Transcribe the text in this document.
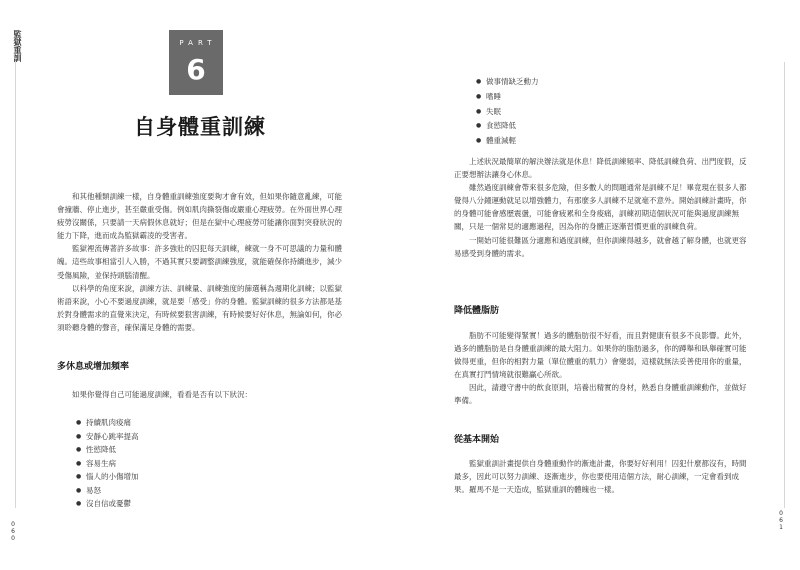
監獄重訓	PART
6
自身體重訓練

和其他種類訓練一樣，自身體重訓練強度要夠才會有效，但如果你隨意亂練，可能會撞牆、停止進步，甚至嚴重受傷。例如肌肉撕裂傷或嚴重心理疲勞。在外面世界心理疲勞沒關係，只要請一天病假休息就好；但是在獄中心理疲勞可能讓你面對突發狀況的能力下降，進而成為監獄霸凌的受害者。

監獄裡流傳著許多故事：許多強壯的囚犯每天訓練，練就一身不可思議的力量和體魄。這些故事相當引人入勝，不過其實只要調整訓練強度，就能確保你持續進步，減少受傷風險，並保持頭腦清醒。

以科學的角度來說，訓練方法、訓練量、訓練強度的篩選稱為週期化訓練；以監獄術語來說，小心不要過度訓練，就是要「感受」你的身體。監獄訓練的很多方法都是基於對身體需求的直覺來決定，有時候要狠害訓練，有時候要好好休息，無論如何，你必須聆聽身體的聲音，確保滿足身體的需要。

多休息或增加頻率

如果你覺得自己可能過度訓練，看看是否有以下狀況：

● 持續肌肉痠痛
● 安靜心跳率提高
● 性慾降低
● 容易生病
● 惱人的小傷增加
● 易怒
● 沒自信或憂鬱
0
6
0
● 做事情缺乏動力
● 嗜睡
● 失眠
● 食慾降低
● 體重減輕

上述狀況最簡單的解決辦法就是休息！降低訓練頻率、降低訓練負荷、出門度假，反正要想辦法讓身心休息。

雖然過度訓練會帶來很多危險，但多數人的問題通常是訓練不足！畢竟現在很多人都覺得八分鐘運動就足以增強體力，有那麼多人訓練不足就毫不意外。開始訓練計畫時，你的身體可能會感歷震盪，可能會疲累和全身痠痛，訓練初期這個狀況可能與過度訓練無關，只是一個常見的適應過程，因為你的身體正逐漸習慣更重的訓練負荷。

一開始可能很難區分適應和過度訓練，但你訓練得越多，就會越了解身體，也就更容易感受到身體的需求。

降低體脂肪

脂肪不可能變得緊實！過多的體脂肪很不好看，而且對健康有很多不良影響。此外，過多的體脂肪是自身體重訓練的最大阻力。如果你的脂肪過多，你的蹲舉和臥舉確實可能做得更重，但你的相對力量（單位體重的肌力）會變弱，這樣就無法妥善使用你的重量，在真實打鬥情境就很難贏心所欲。

因此，請遵守書中的飲食原則，培養出精實的身材，熟悉自身體重訓練動作，並做好準備。

從基本開始

監獄重訓計畫提供自身體重動作的漸進計畫，你要好好利用！囚犯什麼都沒有，時間最多，因此可以努力訓練、逐漸進步，你也要使用這個方法，耐心訓練，一定會看到成果。羅馬不是一天造成，監獄重訓的體魄也一樣。

0
6
1
